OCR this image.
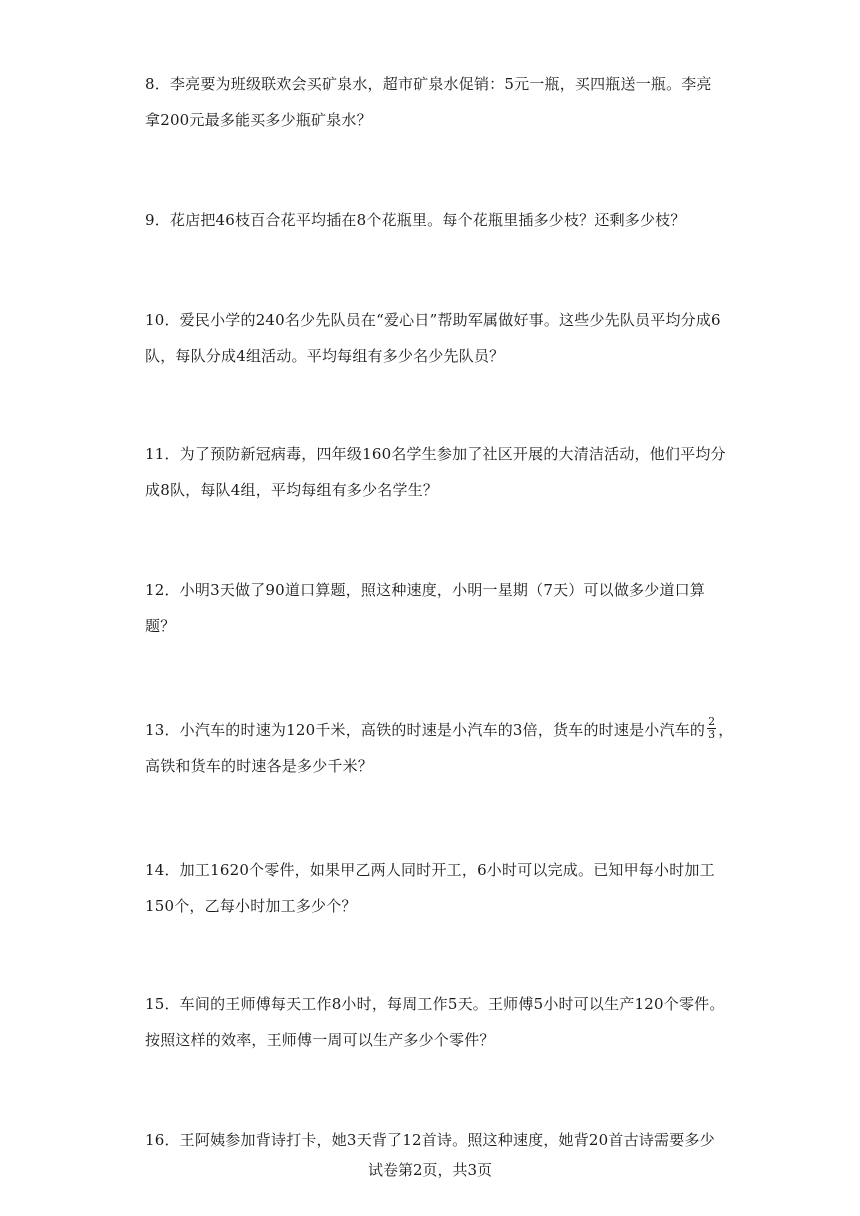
8．李亮要为班级联欢会买矿泉水，超市矿泉水促销：5元一瓶，买四瓶送一瓶。李亮
拿200元最多能买多少瓶矿泉水？
9．花店把46枝百合花平均插在8个花瓶里。每个花瓶里插多少枝？还剩多少枝？
10．爱民小学的240名少先队员在“爱心日”帮助军属做好事。这些少先队员平均分成6
队，每队分成4组活动。平均每组有多少名少先队员？
11．为了预防新冠病毒，四年级160名学生参加了社区开展的大清洁活动，他们平均分
成8队，每队4组，平均每组有多少名学生？
12．小明3天做了90道口算题，照这种速度，小明一星期（7天）可以做多少道口算
题？
13．小汽车的时速为120千米，高铁的时速是小汽车的3倍，货车的时速是小汽车的 $\frac{2}{3}$ ，
高铁和货车的时速各是多少千米？
14．加工1620个零件，如果甲乙两人同时开工，6小时可以完成。已知甲每小时加工
150个，乙每小时加工多少个？
15．车间的王师傅每天工作8小时，每周工作5天。王师傅5小时可以生产120个零件。
按照这样的效率，王师傅一周可以生产多少个零件？
16．王阿姨参加背诗打卡，她3天背了12首诗。照这种速度，她背20首古诗需要多少
试卷第2页，共3页
